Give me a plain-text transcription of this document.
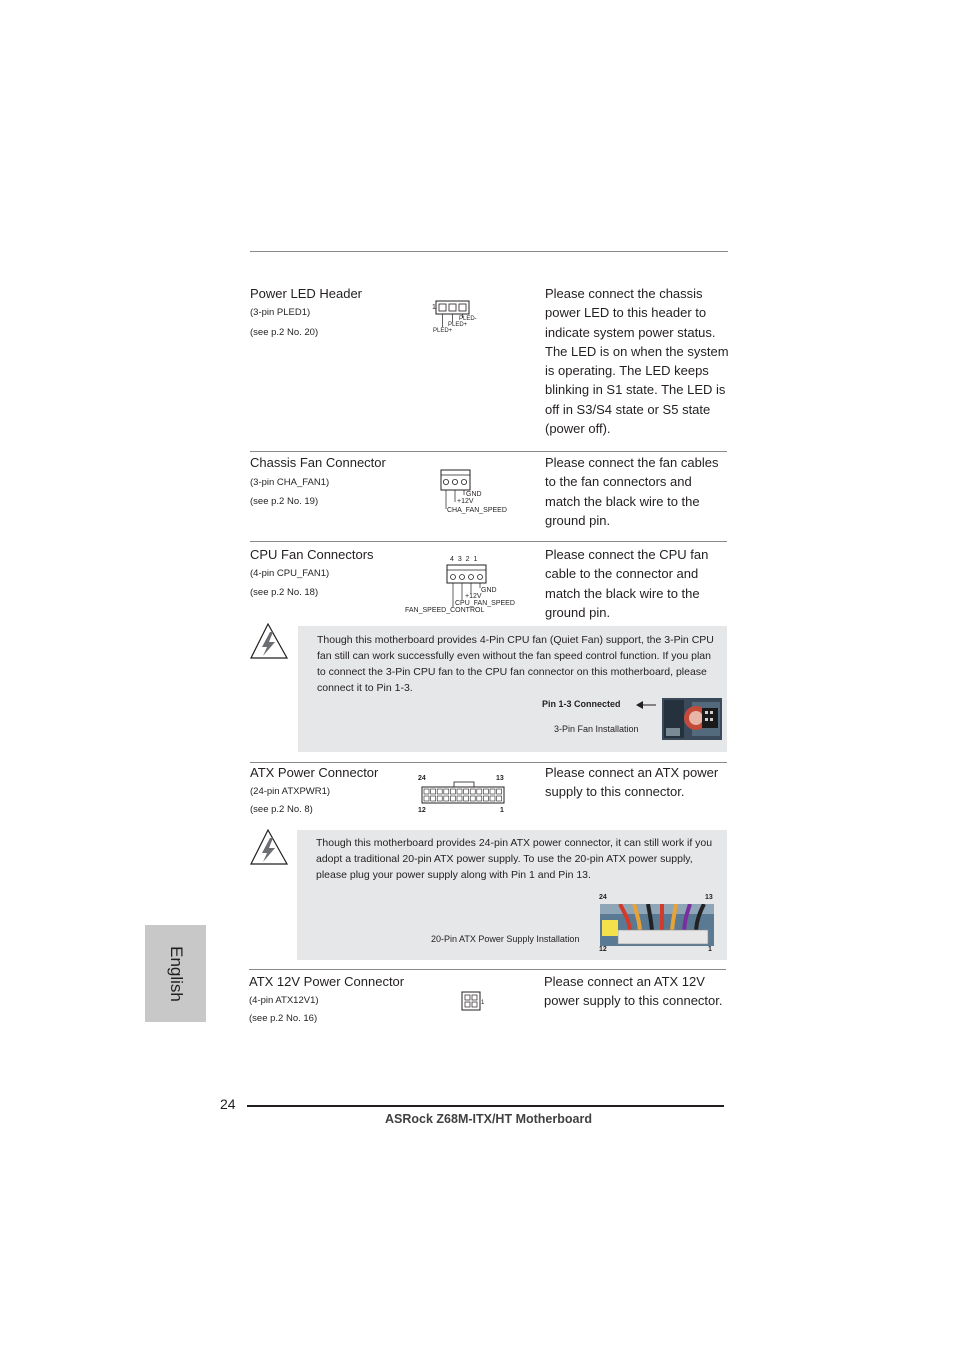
Power LED Header
(3-pin PLED1)
(see p.2 No. 20)
1
PLED-
PLED+
PLED+
Please connect the chassis power LED to this header to indicate system power status. The LED is on when the system is operating. The LED keeps blinking in S1 state. The LED is off in S3/S4 state or S5 state (power off).
Chassis Fan Connector
(3-pin CHA_FAN1)
(see p.2 No. 19)
GND
+12V
CHA_FAN_SPEED
Please connect the fan cables to the fan connectors and match the black wire to the ground pin.
CPU Fan Connectors
(4-pin CPU_FAN1)
(see p.2 No. 18)
4 3 2 1
GND
+12V
CPU_FAN_SPEED
FAN_SPEED_CONTROL
Please connect the CPU fan cable to the connector and match the black wire to the ground pin.
Though this motherboard provides 4-Pin CPU fan (Quiet Fan) support, the 3-Pin CPU fan still can work successfully even without the fan speed control function. If you plan to connect the 3-Pin CPU fan to the CPU fan connector on this motherboard, please connect it to Pin 1-3.
Pin 1-3 Connected
3-Pin Fan Installation
ATX Power Connector
(24-pin ATXPWR1)
(see p.2 No. 8)
24	13
12	1
Please connect an ATX power supply to this connector.
Though this motherboard provides 24-pin ATX power connector, it can still work if you adopt a traditional 20-pin ATX power supply. To use the 20-pin ATX power supply, please plug your power supply along with Pin 1 and Pin 13.
20-Pin ATX Power Supply Installation
24	13
12	1
ATX 12V Power Connector
(4-pin ATX12V1)
(see p.2 No. 16)
1
Please connect an ATX 12V power supply to this connector.
English
24
ASRock Z68M-ITX/HT Motherboard
